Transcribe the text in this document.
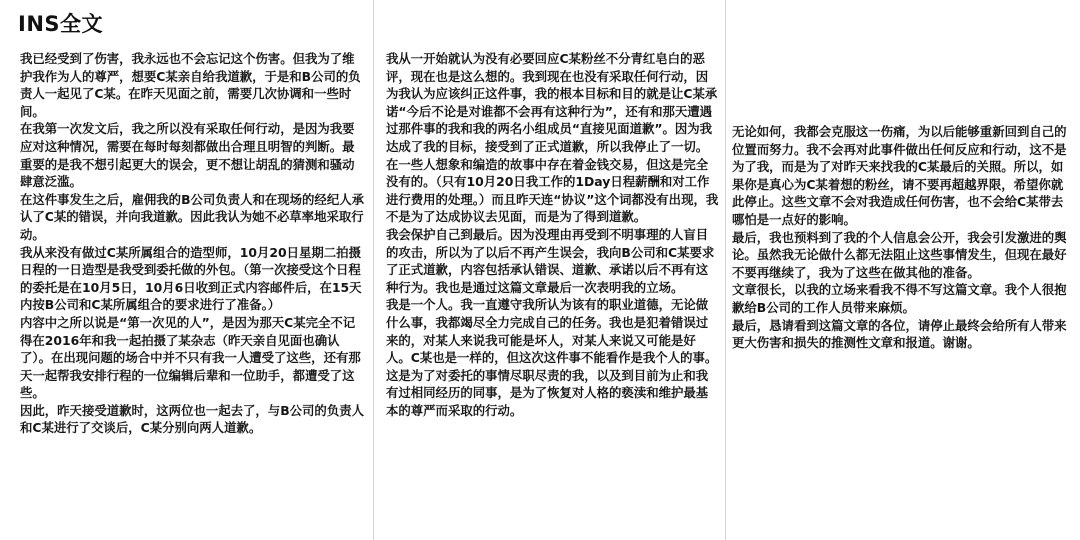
INS全文

我已经受到了伤害，我永远也不会忘记这个伤害。但我为了维护我作为人的尊严，想要C某亲自给我道歉，于是和B公司的负责人一起见了C某。在昨天见面之前，需要几次协调和一些时间。

在我第一次发文后，我之所以没有采取任何行动，是因为我要应对这种情况，需要在每时每刻都做出合理且明智的判断。最重要的是我不想引起更大的误会，更不想让胡乱的猜测和骚动肆意泛滥。

在这件事发生之后，雇佣我的B公司负责人和在现场的经纪人承认了C某的错误，并向我道歉。因此我认为她不必草率地采取行动。

我从来没有做过C某所属组合的造型师，10月20日星期二拍摄日程的一日造型是我受到委托做的外包。（第一次接受这个日程的委托是在10月5日，10月6日收到正式内容邮件后，在15天内按B公司和C某所属组合的要求进行了准备。）

内容中之所以说是“第一次见的人”，是因为那天C某完全不记得在2016年和我一起拍摄了某杂志（昨天亲自见面也确认了）。在出现问题的场合中并不只有我一人遭受了这些，还有那天一起帮我安排行程的一位编辑后辈和一位助手，都遭受了这些。

因此，昨天接受道歉时，这两位也一起去了，与B公司的负责人和C某进行了交谈后，C某分别向两人道歉。

我从一开始就认为没有必要回应C某粉丝不分青红皂白的恶评，现在也是这么想的。我到现在也没有采取任何行动，因为我认为应该纠正这件事，我的根本目标和目的就是让C某承诺“今后不论是对谁都不会再有这种行为”，还有和那天遭遇过那件事的我和我的两名小组成员“直接见面道歉”。因为我达成了我的目标，接受到了正式道歉，所以我停止了一切。

在一些人想象和编造的故事中存在着金钱交易，但这是完全没有的。（只有10月20日我工作的1Day日程薪酬和对工作进行费用的处理。）而且昨天连“协议”这个词都没有出现，我不是为了达成协议去见面，而是为了得到道歉。

我会保护自己到最后。因为没理由再受到不明事理的人盲目的攻击，所以为了以后不再产生误会，我向B公司和C某要求了正式道歉，内容包括承认错误、道歉、承诺以后不再有这种行为。我也是通过这篇文章最后一次表明我的立场。

我是一个人。我一直遵守我所认为该有的职业道德，无论做什么事，我都竭尽全力完成自己的任务。我也是犯着错误过来的，对某人来说我可能是坏人，对某人来说又可能是好人。C某也是一样的，但这次这件事不能看作是我个人的事。这是为了对委托的事情尽职尽责的我，以及到目前为止和我有过相同经历的同事，是为了恢复对人格的亵渎和维护最基本的尊严而采取的行动。

无论如何，我都会克服这一伤痛，为以后能够重新回到自己的位置而努力。我不会再对此事件做出任何反应和行动，这不是为了我，而是为了对昨天来找我的C某最后的关照。所以，如果你是真心为C某着想的粉丝，请不要再超越界限，希望你就此停止。这些文章不会对我造成任何伤害，也不会给C某带去哪怕是一点好的影响。

最后，我也预料到了我的个人信息会公开，我会引发激进的舆论。虽然我无论做什么都无法阻止这些事情发生，但现在最好不要再继续了，我为了这些在做其他的准备。

文章很长，以我的立场来看我不得不写这篇文章。我个人很抱歉给B公司的工作人员带来麻烦。

最后，恳请看到这篇文章的各位，请停止最终会给所有人带来更大伤害和损失的推测性文章和报道。谢谢。
